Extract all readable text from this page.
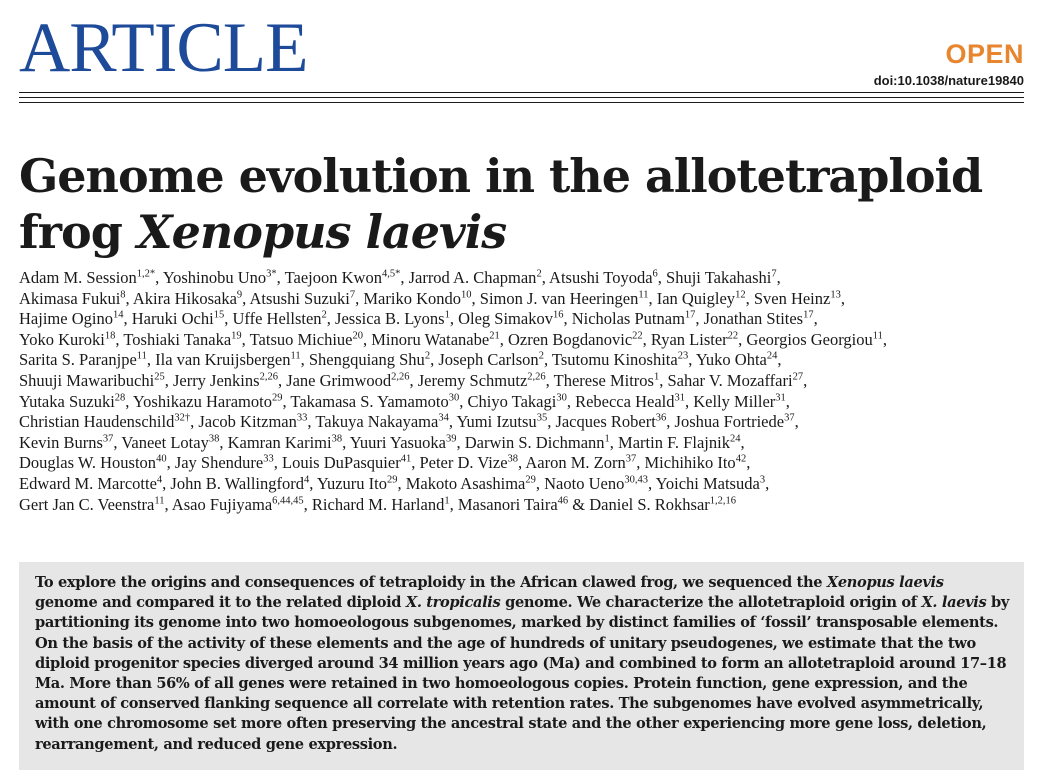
ARTICLE	OPEN
doi:10.1038/nature19840
Genome evolution in the allotetraploid
frog Xenopus laevis
Adam M. Session$^{1,2*}$, Yoshinobu Uno$^{3*}$, Taejoon Kwon$^{4,5*}$, Jarrod A. Chapman$^2$, Atsushi Toyoda$^6$, Shuji Takahashi$^7$,
Akimasa Fukui$^8$, Akira Hikosaka$^9$, Atsushi Suzuki$^7$, Mariko Kondo$^{10}$, Simon J. van Heeringen$^{11}$, Ian Quigley$^{12}$, Sven Heinz$^{13}$,
Hajime Ogino$^{14}$, Haruki Ochi$^{15}$, Uffe Hellsten$^2$, Jessica B. Lyons$^1$, Oleg Simakov$^{16}$, Nicholas Putnam$^{17}$, Jonathan Stites$^{17}$,
Yoko Kuroki$^{18}$, Toshiaki Tanaka$^{19}$, Tatsuo Michiue$^{20}$, Minoru Watanabe$^{21}$, Ozren Bogdanovic$^{22}$, Ryan Lister$^{22}$, Georgios Georgiou$^{11}$,
Sarita S. Paranjpe$^{11}$, Ila van Kruijsbergen$^{11}$, Shengquiang Shu$^2$, Joseph Carlson$^2$, Tsutomu Kinoshita$^{23}$, Yuko Ohta$^{24}$,
Shuuji Mawaribuchi$^{25}$, Jerry Jenkins$^{2,26}$, Jane Grimwood$^{2,26}$, Jeremy Schmutz$^{2,26}$, Therese Mitros$^1$, Sahar V. Mozaffari$^{27}$,
Yutaka Suzuki$^{28}$, Yoshikazu Haramoto$^{29}$, Takamasa S. Yamamoto$^{30}$, Chiyo Takagi$^{30}$, Rebecca Heald$^{31}$, Kelly Miller$^{31}$,
Christian Haudenschild$^{32\dagger}$, Jacob Kitzman$^{33}$, Takuya Nakayama$^{34}$, Yumi Izutsu$^{35}$, Jacques Robert$^{36}$, Joshua Fortriede$^{37}$,
Kevin Burns$^{37}$, Vaneet Lotay$^{38}$, Kamran Karimi$^{38}$, Yuuri Yasuoka$^{39}$, Darwin S. Dichmann$^1$, Martin F. Flajnik$^{24}$,
Douglas W. Houston$^{40}$, Jay Shendure$^{33}$, Louis DuPasquier$^{41}$, Peter D. Vize$^{38}$, Aaron M. Zorn$^{37}$, Michihiko Ito$^{42}$,
Edward M. Marcotte$^4$, John B. Wallingford$^4$, Yuzuru Ito$^{29}$, Makoto Asashima$^{29}$, Naoto Ueno$^{30,43}$, Yoichi Matsuda$^3$,
Gert Jan C. Veenstra$^{11}$, Asao Fujiyama$^{6,44,45}$, Richard M. Harland$^1$, Masanori Taira$^{46}$ & Daniel S. Rokhsar$^{1,2,16}$
To explore the origins and consequences of tetraploidy in the African clawed frog, we sequenced the Xenopus laevis genome and compared it to the related diploid X. tropicalis genome. We characterize the allotetraploid origin of X. laevis by partitioning its genome into two homoeologous subgenomes, marked by distinct families of ‘fossil’ transposable elements. On the basis of the activity of these elements and the age of hundreds of unitary pseudogenes, we estimate that the two diploid progenitor species diverged around 34 million years ago (Ma) and combined to form an allotetraploid around 17–18 Ma. More than 56% of all genes were retained in two homoeologous copies. Protein function, gene expression, and the amount of conserved flanking sequence all correlate with retention rates. The subgenomes have evolved asymmetrically, with one chromosome set more often preserving the ancestral state and the other experiencing more gene loss, deletion, rearrangement, and reduced gene expression.
